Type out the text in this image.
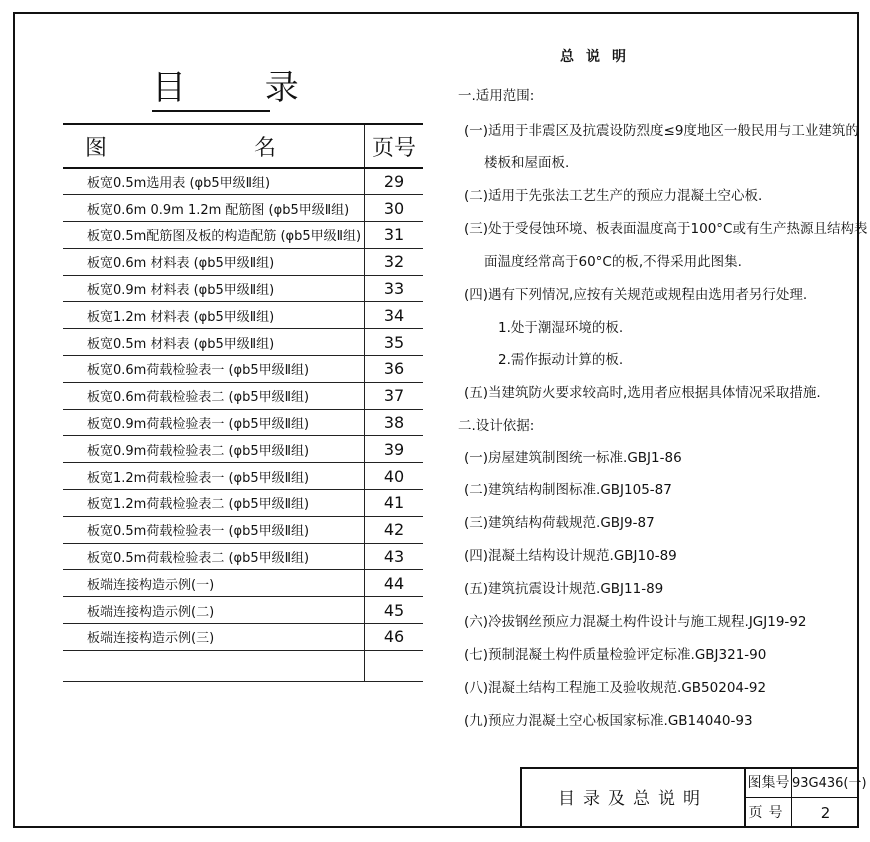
目 录
图 名	页号
板宽0.5m选用表 (φb5甲级Ⅱ组)	29
板宽0.6m 0.9m 1.2m 配筋图 (φb5甲级Ⅱ组)	30
板宽0.5m配筋图及板的构造配筋 (φb5甲级Ⅱ组)	31
板宽0.6m 材料表 (φb5甲级Ⅱ组)	32
板宽0.9m 材料表 (φb5甲级Ⅱ组)	33
板宽1.2m 材料表 (φb5甲级Ⅱ组)	34
板宽0.5m 材料表 (φb5甲级Ⅱ组)	35
板宽0.6m荷载检验表一 (φb5甲级Ⅱ组)	36
板宽0.6m荷载检验表二 (φb5甲级Ⅱ组)	37
板宽0.9m荷载检验表一 (φb5甲级Ⅱ组)	38
板宽0.9m荷载检验表二 (φb5甲级Ⅱ组)	39
板宽1.2m荷载检验表一 (φb5甲级Ⅱ组)	40
板宽1.2m荷载检验表二 (φb5甲级Ⅱ组)	41
板宽0.5m荷载检验表一 (φb5甲级Ⅱ组)	42
板宽0.5m荷载检验表二 (φb5甲级Ⅱ组)	43
板端连接构造示例(一)	44
板端连接构造示例(二)	45
板端连接构造示例(三)	46

总说明
一.适用范围:
(一)适用于非震区及抗震设防烈度≤9度地区一般民用与工业建筑的
楼板和屋面板.
(二)适用于先张法工艺生产的预应力混凝土空心板.
(三)处于受侵蚀环境、板表面温度高于100°C或有生产热源且结构表
面温度经常高于60°C的板,不得采用此图集.
(四)遇有下列情况,应按有关规范或规程由选用者另行处理.
1.处于潮湿环境的板.
2.需作振动计算的板.
(五)当建筑防火要求较高时,选用者应根据具体情况采取措施.
二.设计依据:
(一)房屋建筑制图统一标准.GBJ1-86
(二)建筑结构制图标准.GBJ105-87
(三)建筑结构荷载规范.GBJ9-87
(四)混凝土结构设计规范.GBJ10-89
(五)建筑抗震设计规范.GBJ11-89
(六)冷拔钢丝预应力混凝土构件设计与施工规程.JGJ19-92
(七)预制混凝土构件质量检验评定标准.GBJ321-90
(八)混凝土结构工程施工及验收规范.GB50204-92
(九)预应力混凝土空心板国家标准.GB14040-93
目录及总说明
图集号 93G436(一)
页号	2
